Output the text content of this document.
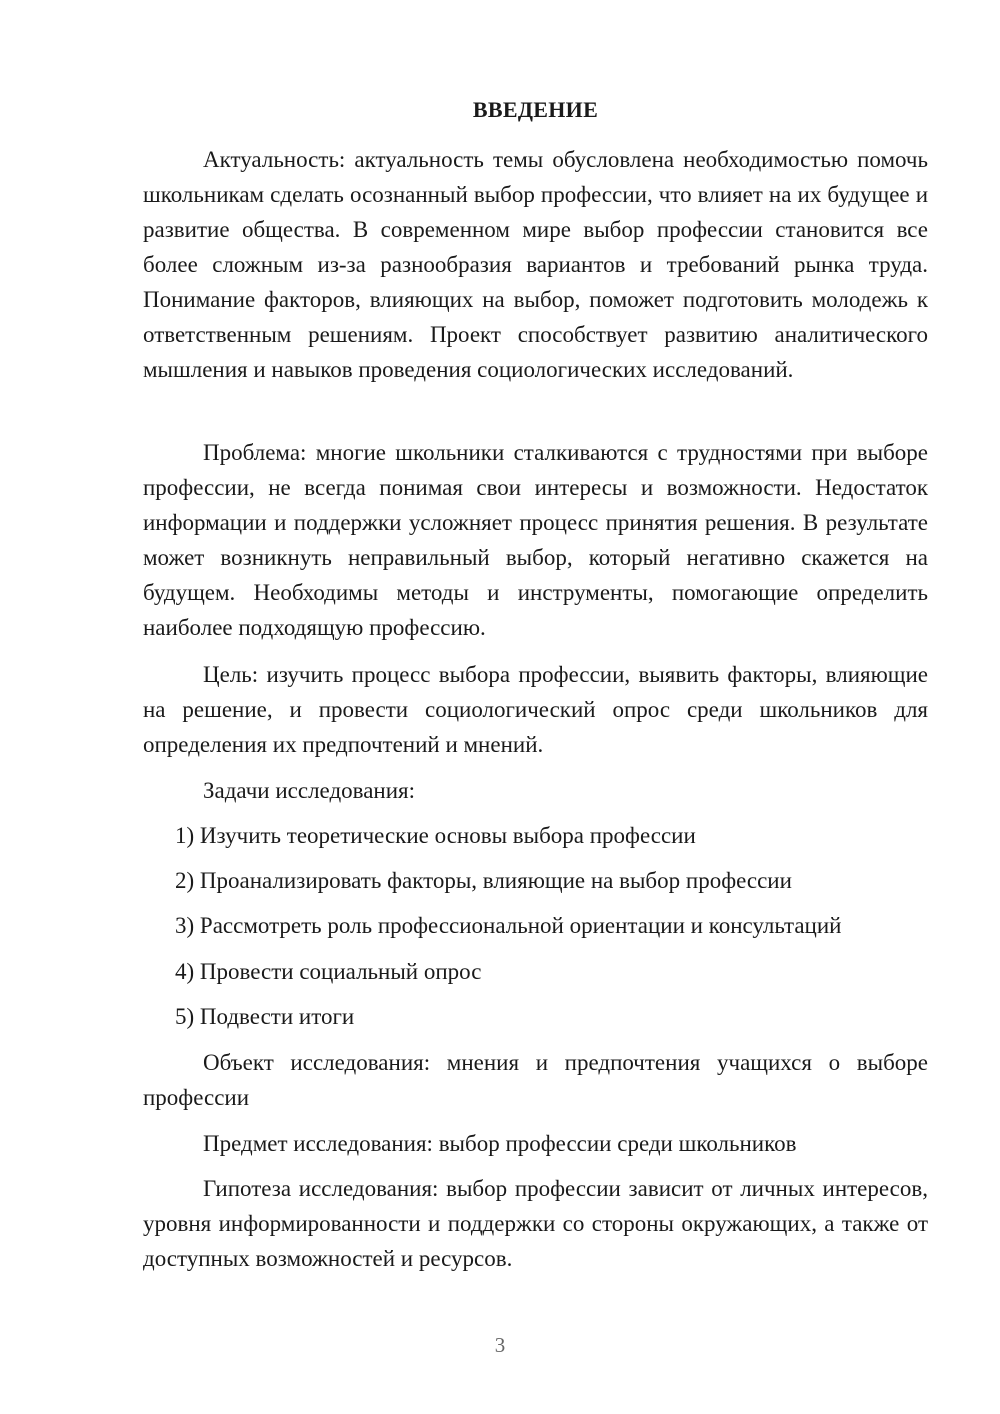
ВВЕДЕНИЕ

Актуальность: актуальность темы обусловлена необходимостью помочь школьникам сделать осознанный выбор профессии, что влияет на их будущее и развитие общества. В современном мире выбор профессии становится все более сложным из-за разнообразия вариантов и требований рынка труда. Понимание факторов, влияющих на выбор, поможет подготовить молодежь к ответственным решениям. Проект способствует развитию аналитического мышления и навыков проведения социологических исследований.

Проблема: многие школьники сталкиваются с трудностями при выборе профессии, не всегда понимая свои интересы и возможности. Недостаток информации и поддержки усложняет процесс принятия решения. В результате может возникнуть неправильный выбор, который негативно скажется на будущем. Необходимы методы и инструменты, помогающие определить наиболее подходящую профессию.

Цель: изучить процесс выбора профессии, выявить факторы, влияющие на решение, и провести социологический опрос среди школьников для определения их предпочтений и мнений.

Задачи исследования:

1) Изучить теоретические основы выбора профессии

2) Проанализировать факторы, влияющие на выбор профессии

3) Рассмотреть роль профессиональной ориентации и консультаций

4) Провести социальный опрос

5) Подвести итоги

Объект исследования: мнения и предпочтения учащихся о выборе профессии

Предмет исследования: выбор профессии среди школьников

Гипотеза исследования: выбор профессии зависит от личных интересов, уровня информированности и поддержки со стороны окружающих, а также от доступных возможностей и ресурсов.

3
